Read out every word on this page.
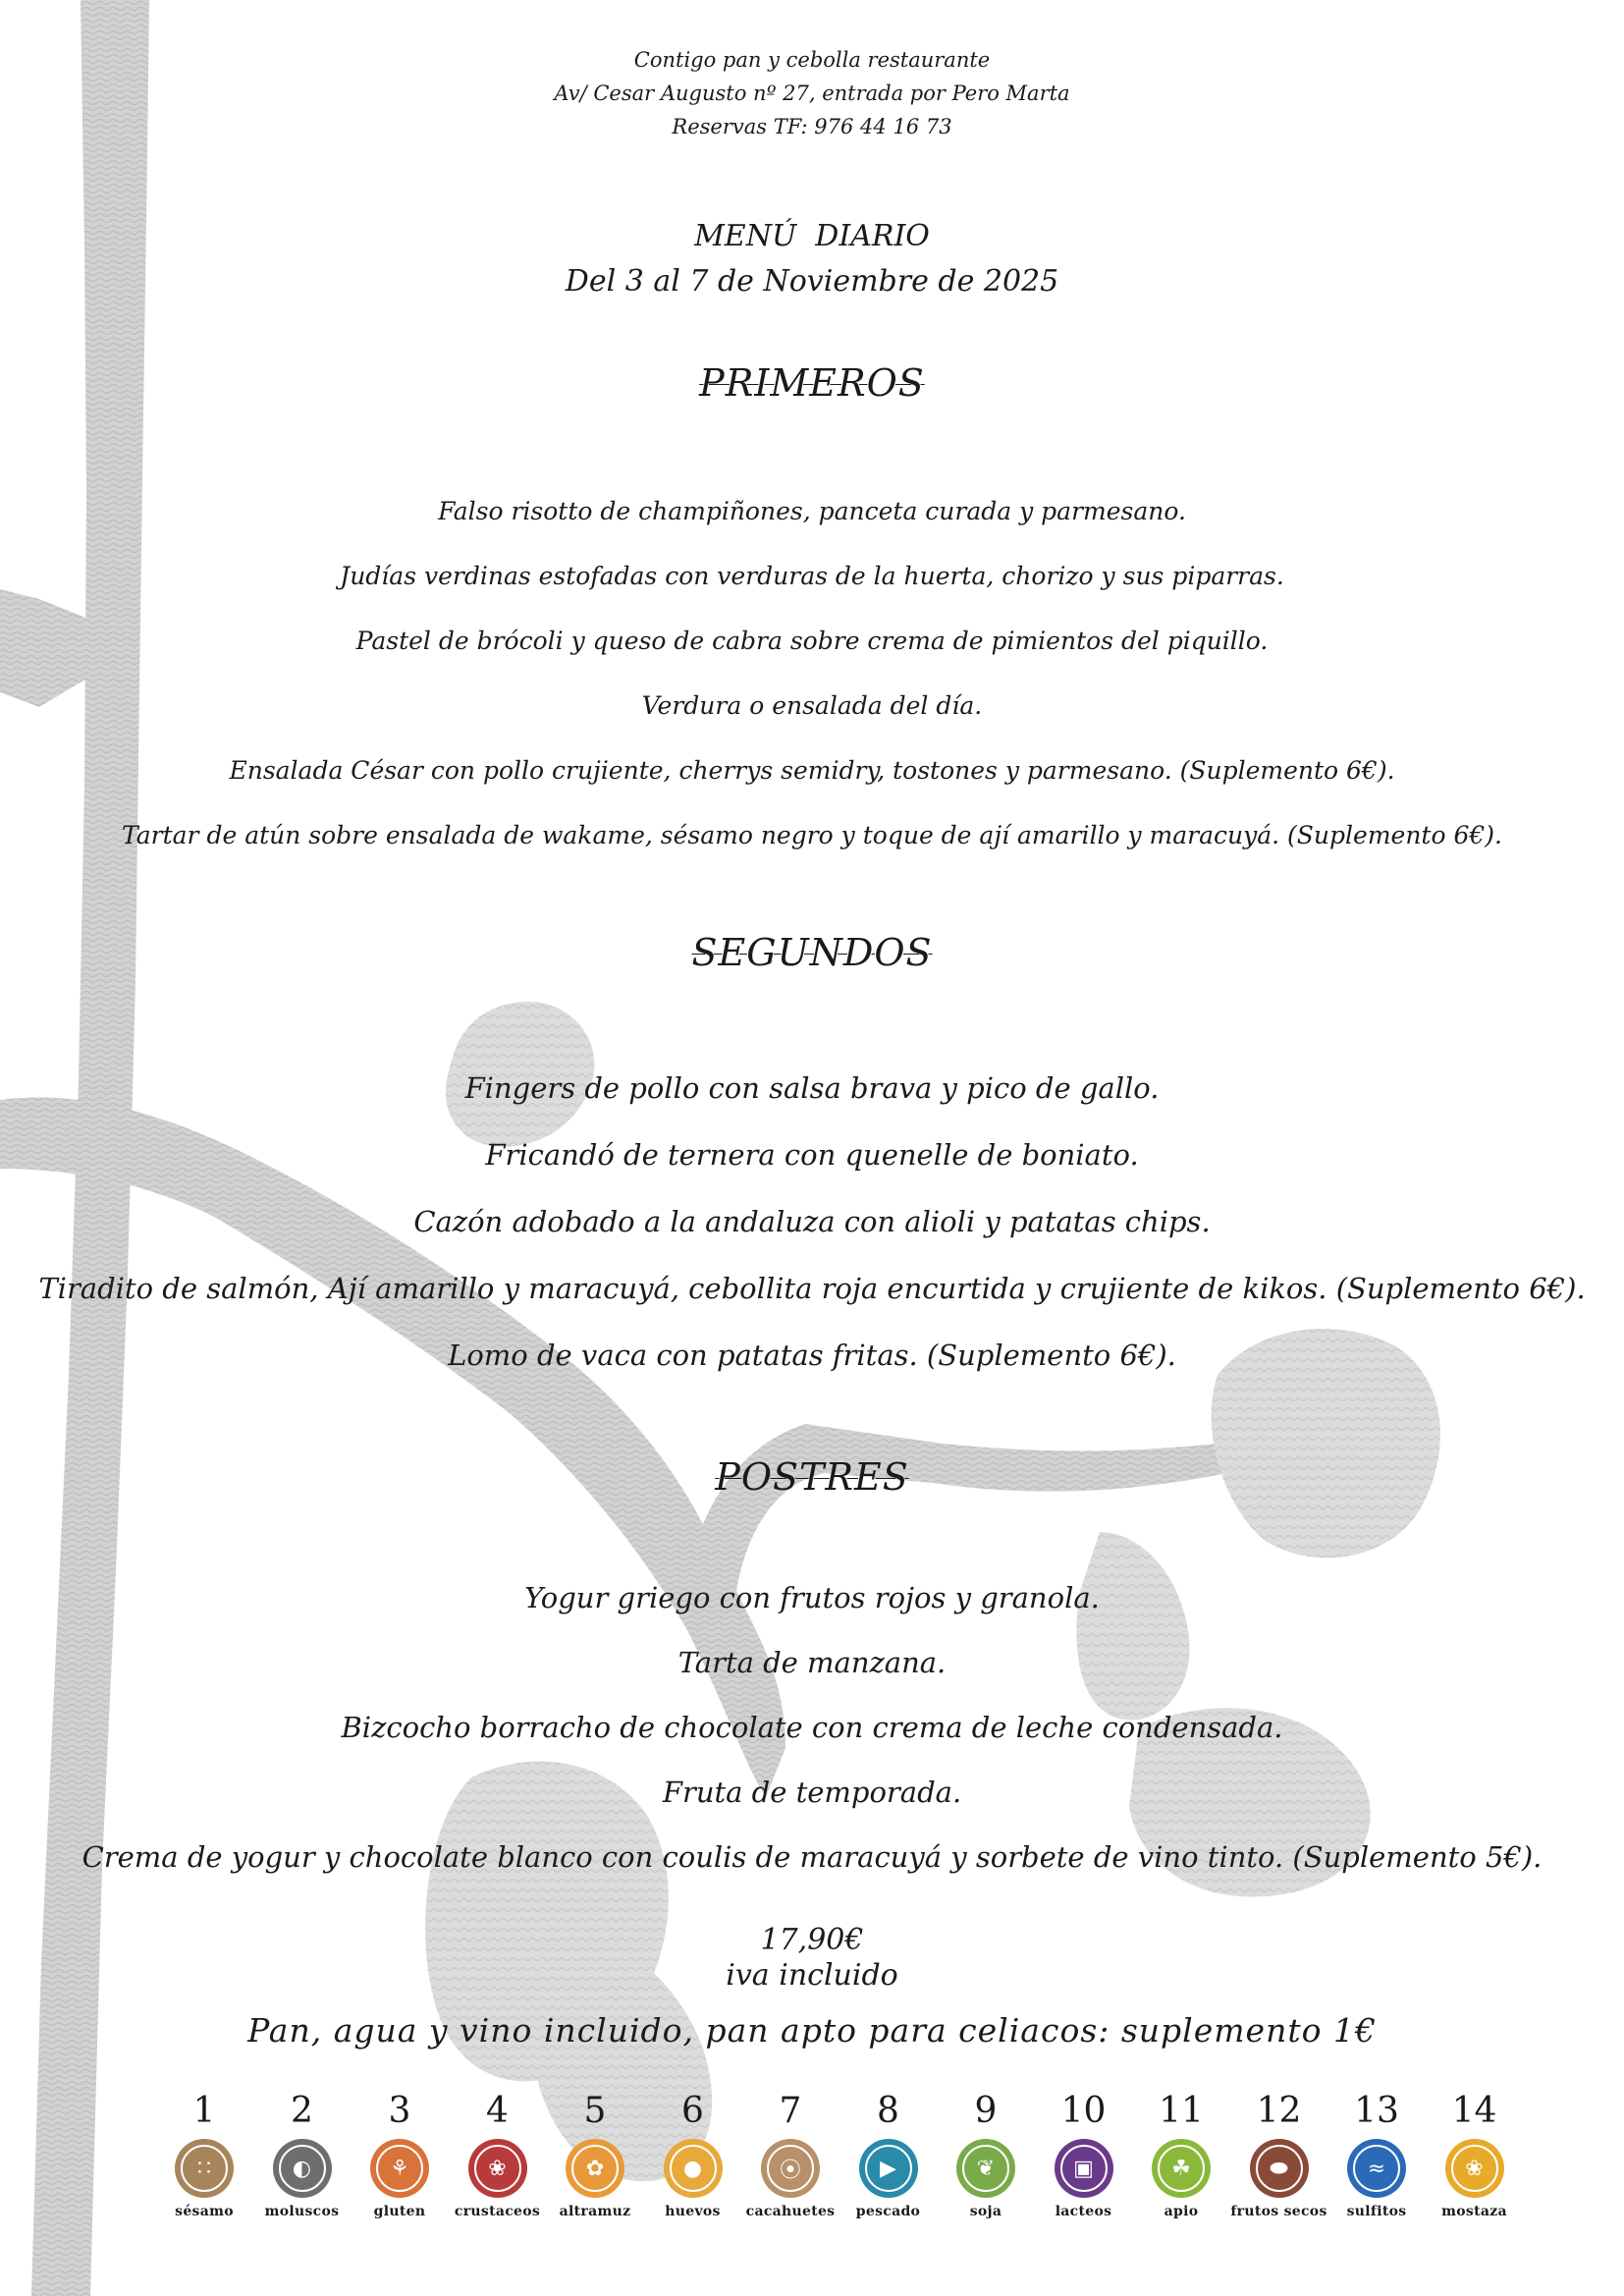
Contigo pan y cebolla restaurante
Av/ Cesar Augusto nº 27, entrada por Pero Marta
Reservas TF: 976 44 16 73
MENÚ  DIARIO
Del 3 al 7 de Noviembre de 2025
PRIMEROS
Falso risotto de champiñones, panceta curada y parmesano.
Judías verdinas estofadas con verduras de la huerta, chorizo y sus piparras.
Pastel de brócoli y queso de cabra sobre crema de pimientos del piquillo.
Verdura o ensalada del día.
Ensalada César con pollo crujiente, cherrys semidry, tostones y parmesano. (Suplemento 6€).
Tartar de atún sobre ensalada de wakame, sésamo negro y toque de ají amarillo y maracuyá. (Suplemento 6€).
SEGUNDOS
Fingers de pollo con salsa brava y pico de gallo.
Fricandó de ternera con quenelle de boniato.
Cazón adobado a la andaluza con alioli y patatas chips.
Tiradito de salmón, Ají amarillo y maracuyá, cebollita roja encurtida y crujiente de kikos. (Suplemento 6€).
Lomo de vaca con patatas fritas. (Suplemento 6€).
POSTRES
Yogur griego con frutos rojos y granola.
Tarta de manzana.
Bizcocho borracho de chocolate con crema de leche condensada.
Fruta de temporada.
Crema de yogur y chocolate blanco con coulis de maracuyá y sorbete de vino tinto. (Suplemento 5€).
17,90€
iva incluido
Pan, agua y vino incluido, pan apto para celiacos: suplemento 1€
1
∷
sésamo
2
◐
moluscos
3
⚘
gluten
4
❀
crustaceos
5
✿
altramuz
6
●
huevos
7
⦿
cacahuetes
8
▶
pescado
9
❦
soja
10
▣
lacteos
11
☘
apio
12
⬬
frutos secos
13
≈
sulfitos
14
❀
mostaza
